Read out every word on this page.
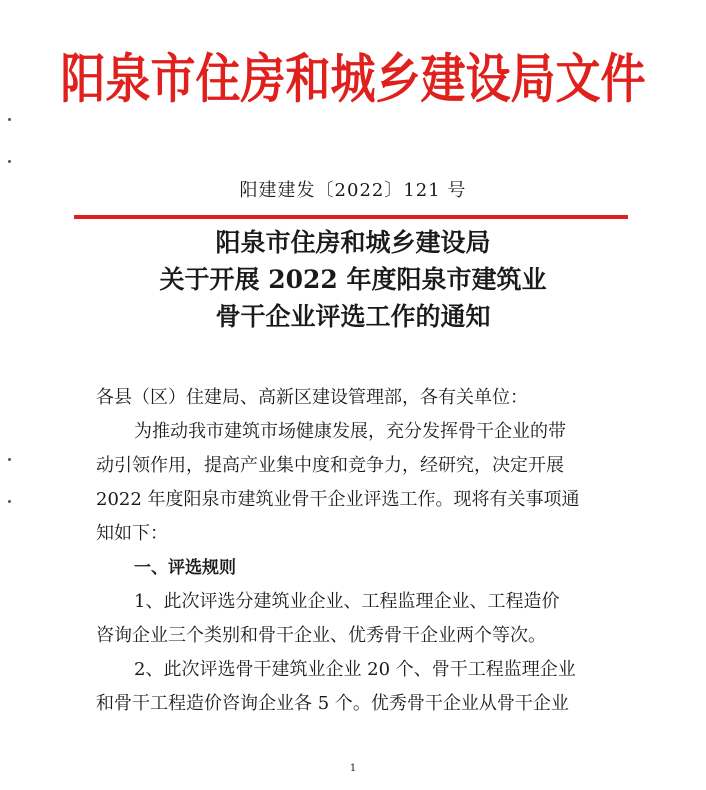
阳泉市住房和城乡建设局文件
阳建建发〔2022〕121 号
阳泉市住房和城乡建设局
关于开展 2022 年度阳泉市建筑业
骨干企业评选工作的通知

各县（区）住建局、高新区建设管理部，各有关单位：

为推动我市建筑市场健康发展，充分发挥骨干企业的带

动引领作用，提高产业集中度和竞争力，经研究，决定开展

2022 年度阳泉市建筑业骨干企业评选工作。现将有关事项通

知如下：

一、评选规则

1、此次评选分建筑业企业、工程监理企业、工程造价

咨询企业三个类别和骨干企业、优秀骨干企业两个等次。

2、此次评选骨干建筑业企业 20 个、骨干工程监理企业

和骨干工程造价咨询企业各 5 个。优秀骨干企业从骨干企业

1
